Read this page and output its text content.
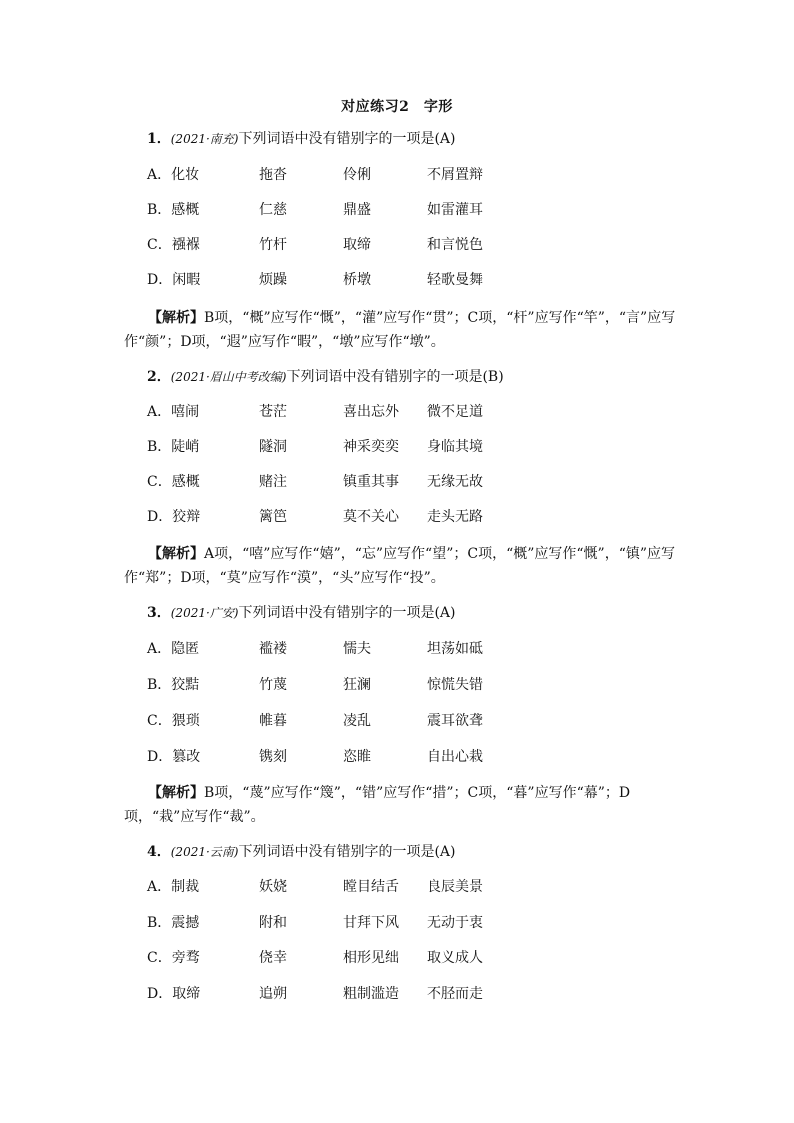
对应练习2　字形
1．(2021·南充)下列词语中没有错别字的一项是(A)
A．化妆	拖沓	伶俐	不屑置辩
B．感概	仁慈	鼎盛	如雷灌耳
C．襁褓	竹杆	取缔	和言悦色
D．闲暇	烦躁	桥墩	轻歌曼舞
【解析】B项，“概”应写作“慨”，“灌”应写作“贯”；C项，“杆”应写作“竿”，“言”应写作“颜”；D项，“遐”应写作“暇”，“墩”应写作“墩”。
2．(2021·眉山中考改编)下列词语中没有错别字的一项是(B)
A．嘻闹	苍茫	喜出忘外 微不足道
B．陡峭	隧洞	神采奕奕 身临其境
C．感概	赌注	镇重其事 无缘无故
D．狡辩	篱笆	莫不关心 走头无路
【解析】A项，“嘻”应写作“嬉”，“忘”应写作“望”；C项，“概”应写作“慨”，“镇”应写作“郑”；D项，“莫”应写作“漠”，“头”应写作“投”。
3．(2021·广安)下列词语中没有错别字的一项是(A)
A．隐匿	褴褛	懦夫	坦荡如砥
B．狡黠	竹蔑	狂澜	惊慌失错
C．猥琐	帷暮	凌乱	震耳欲聋
D．篡改	镌刻	恣睢	自出心栽
【解析】B项，“蔑”应写作“篾”，“错”应写作“措”；C项，“暮”应写作“幕”；D项，“栽”应写作“裁”。
4．(2021·云南)下列词语中没有错别字的一项是(A)
A．制裁	妖娆	瞠目结舌 良辰美景
B．震撼	附和	甘拜下风 无动于衷
C．旁骛	侥幸	相形见绌 取义成人
D．取缔	追朔	粗制滥造 不胫而走
